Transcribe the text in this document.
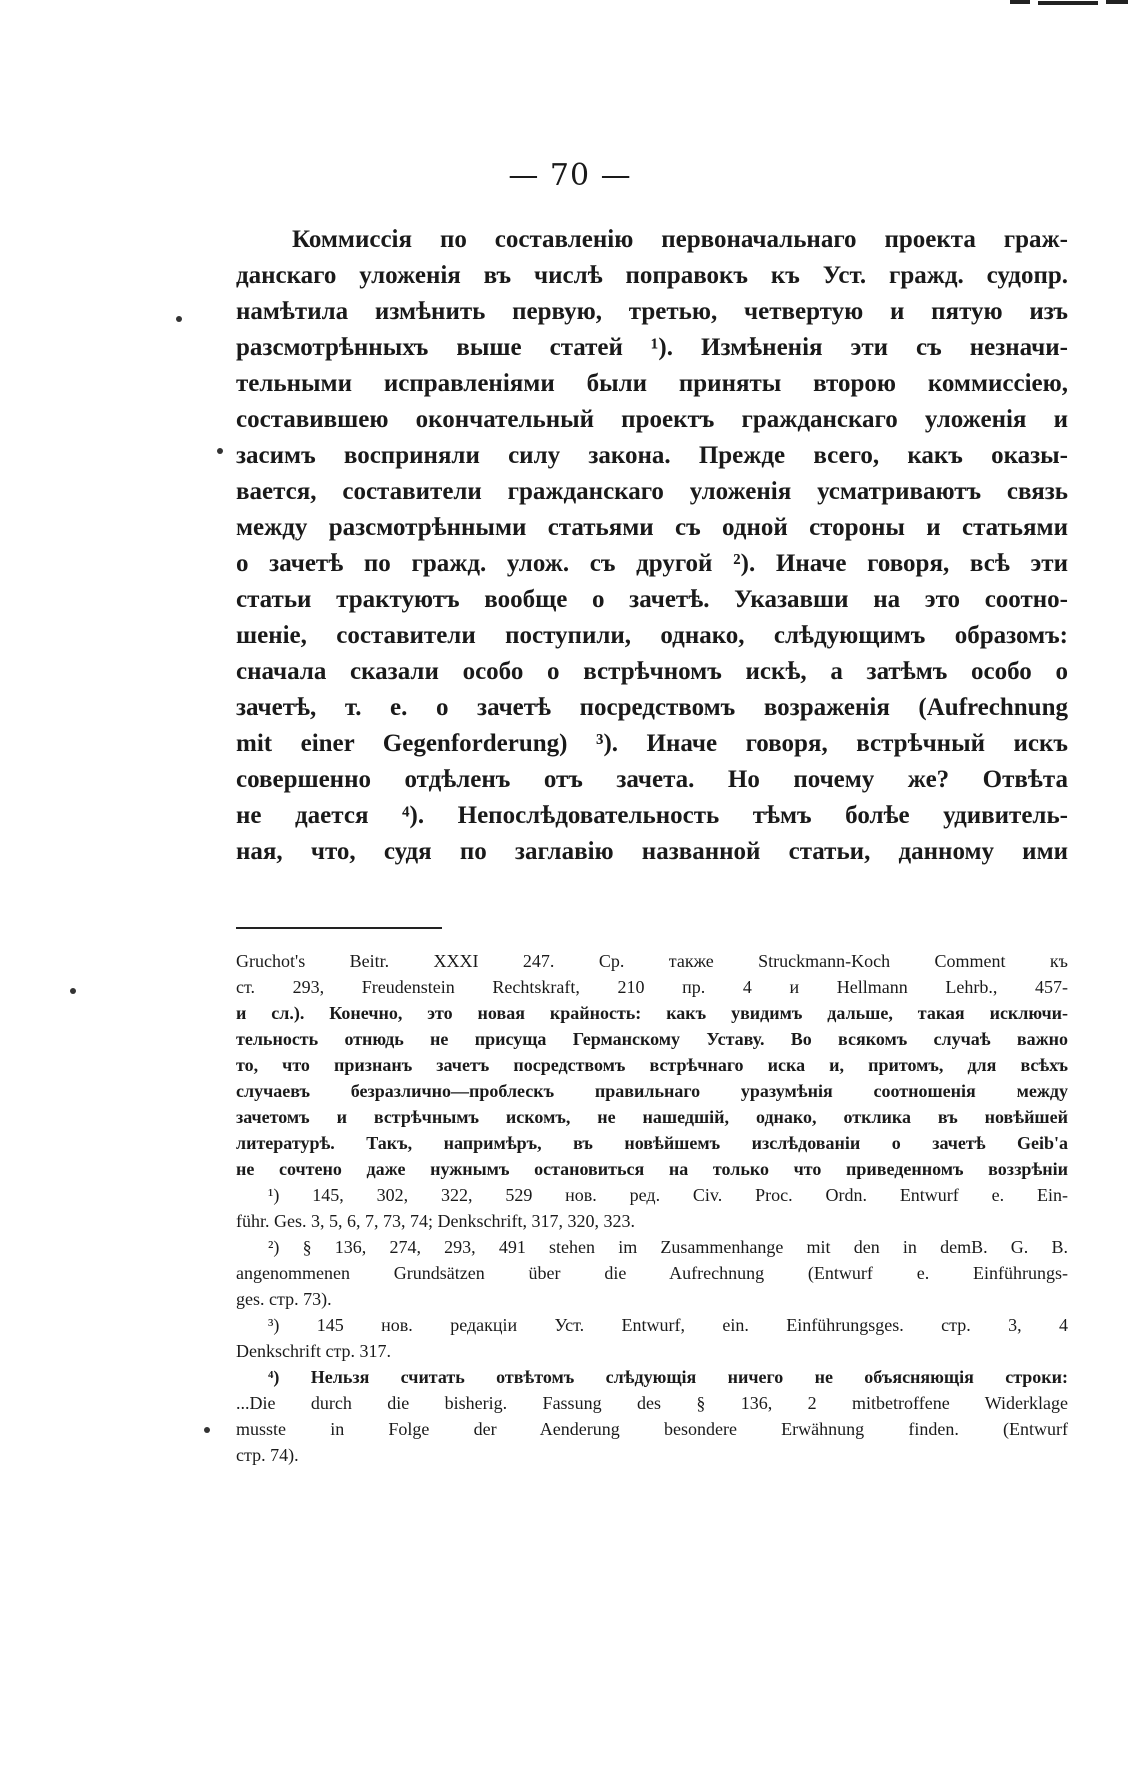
— 70 —
Коммиссія по составленію первоначальнаго проекта граж-
данскаго уложенія въ числѣ поправокъ къ Уст. гражд. судопр.
намѣтила измѣнить первую, третью, четвертую и пятую изъ
разсмотрѣнныхъ выше статей ¹). Измѣненія эти съ незначи-
тельными исправленіями были приняты второю коммиссіею,
составившею окончательный проектъ гражданскаго уложенія и
засимъ восприняли силу закона. Прежде всего, какъ оказы-
вается, составители гражданскаго уложенія усматриваютъ связь
между разсмотрѣнными статьями съ одной стороны и статьями
о зачетѣ по гражд. улож. съ другой ²). Иначе говоря, всѣ эти
статьи трактуютъ вообще о зачетѣ. Указавши на это соотно-
шеніе, составители поступили, однако, слѣдующимъ образомъ:
сначала сказали особо о встрѣчномъ искѣ, а затѣмъ особо о
зачетѣ, т. е. о зачетѣ посредствомъ возраженія (Aufrechnung
mit einer Gegenforderung) ³). Иначе говоря, встрѣчный искъ
совершенно отдѣленъ отъ зачета. Но почему же? Отвѣта
не дается ⁴). Непослѣдовательность тѣмъ болѣе удивитель-
ная, что, судя по заглавію названной статьи, данному ими
Gruchot's Beitr. XXXI 247. Ср. также Struckmann-Koch Comment къ
ст. 293, Freudenstein Rechtskraft, 210 пр. 4 и Hellmann Lehrb., 457-
и сл.). Конечно, это новая крайность: какъ увидимъ дальше, такая исключи-
тельность отнюдь не присуща Германскому Уставу. Во всякомъ случаѣ важно
то, что признанъ зачетъ посредствомъ встрѣчнаго иска и, притомъ, для всѣхъ
случаевъ безразлично—проблескъ правильнаго уразумѣнія соотношенія между
зачетомъ и встрѣчнымъ искомъ, не нашедшій, однако, отклика въ новѣйшей
литературѣ. Такъ, напримѣръ, въ новѣйшемъ изслѣдованіи о зачетѣ Geib'a
не сочтено даже нужнымъ остановиться на только что приведенномъ воззрѣніи
¹) 145, 302, 322, 529 нов. ред. Civ. Proc. Ordn. Entwurf e. Ein-
führ. Ges. 3, 5, 6, 7, 73, 74; Denkschrift, 317, 320, 323.
²) § 136, 274, 293, 491 stehen im Zusammenhange mit den in demB. G. B.
angenommenen Grundsätzen über die Aufrechnung (Entwurf e. Einführungs-
ges. стр. 73).
³) 145 нов. редакціи Уст. Entwurf, ein. Einführungsges. стр. 3, 4
Denkschrift стр. 317.
⁴) Нельзя считать отвѣтомъ слѣдующія ничего не объясняющія строки:
...Die durch die bisherig. Fassung des § 136, 2 mitbetroffene Widerklage
musste in Folge der Aenderung besondere Erwähnung finden. (Entwurf
стр. 74).
